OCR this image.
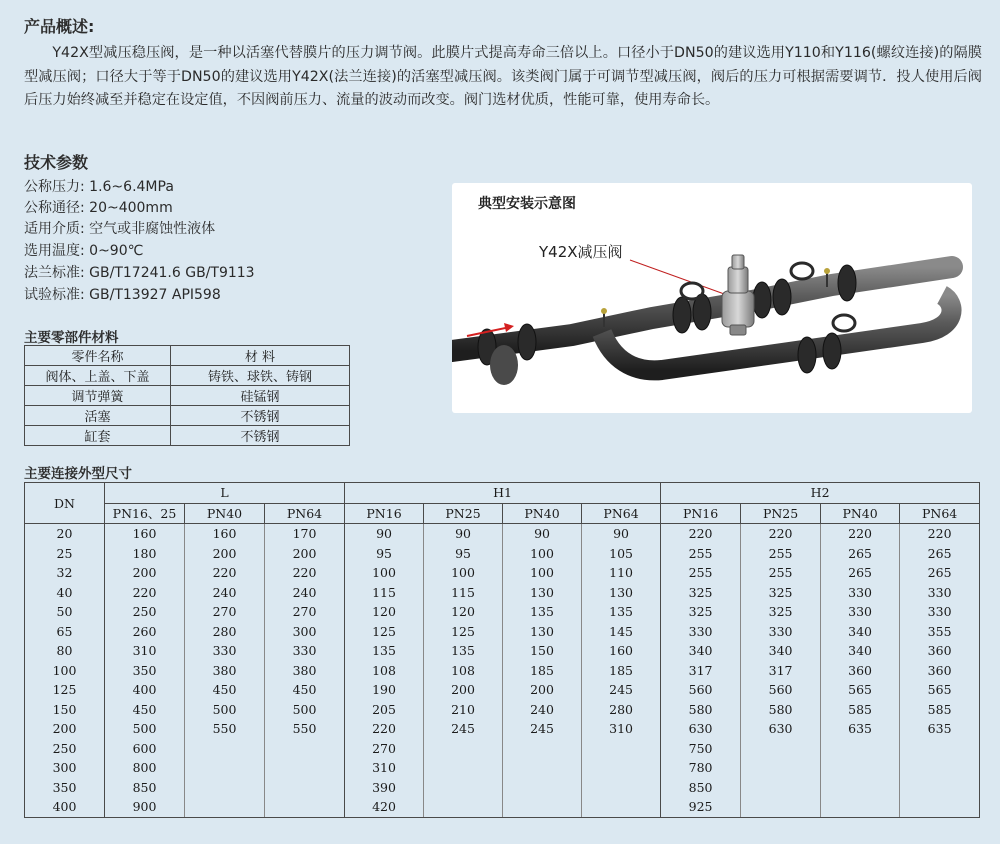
产品概述:
Y42X型减压稳压阀，是一种以活塞代替膜片的压力调节阀。此膜片式提高寿命三倍以上。口径小于DN50的建议选用Y110和Y116(螺纹连接)的隔膜型减压阀；口径大于等于DN50的建议选用Y42X(法兰连接)的活塞型减压阀。该类阀门属于可调节型减压阀，阀后的压力可根据需要调节．投人使用后阀后压力始终减至并稳定在设定值，不因阀前压力、流量的波动而改变。阀门选材优质，性能可靠，使用寿命长。
技术参数
公称压力: 1.6~6.4MPa
公称通径: 20~400mm
适用介质: 空气或非腐蚀性液体
选用温度: 0~90℃
法兰标准: GB/T17241.6 GB/T9113
试验标准: GB/T13927 API598
主要零部件材料
零件名称	材 料
阀体、上盖、下盖	铸铁、球铁、铸钢
调节弹簧	硅锰钢
活塞	不锈钢
缸套	不锈钢
典型安装示意图
Y42X减压阀
主要连接外型尺寸
DN	L			H1				H2			
	PN16、25	PN40	PN64	PN16	PN25	PN40	PN64	PN16	PN25	PN40	PN64
20	160	160	170	90	90	90	90	220	220	220	220
25	180	200	200	95	95	100	105	255	255	265	265
32	200	220	220	100	100	100	110	255	255	265	265
40	220	240	240	115	115	130	130	325	325	330	330
50	250	270	270	120	120	135	135	325	325	330	330
65	260	280	300	125	125	130	145	330	330	340	355
80	310	330	330	135	135	150	160	340	340	340	360
100	350	380	380	108	108	185	185	317	317	360	360
125	400	450	450	190	200	200	245	560	560	565	565
150	450	500	500	205	210	240	280	580	580	585	585
200	500	550	550	220	245	245	310	630	630	635	635
250	600			270				750			
300	800			310				780			
350	850			390				850			
400	900			420				925			
